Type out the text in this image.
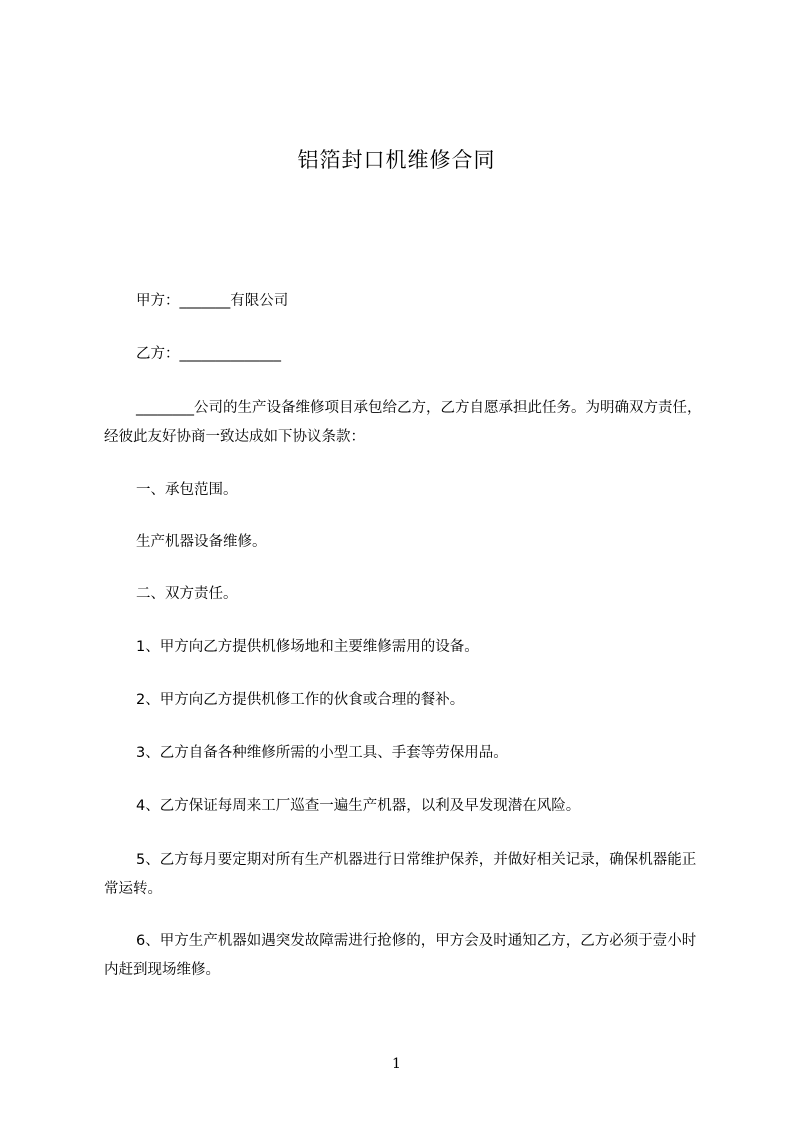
铝箔封口机维修合同
甲方：_______有限公司
乙方：______________
________公司的生产设备维修项目承包给乙方，乙方自愿承担此任务。为明确双方责任，经彼此友好协商一致达成如下协议条款：
一、承包范围。
生产机器设备维修。
二、双方责任。
1、甲方向乙方提供机修场地和主要维修需用的设备。
2、甲方向乙方提供机修工作的伙食或合理的餐补。
3、乙方自备各种维修所需的小型工具、手套等劳保用品。
4、乙方保证每周来工厂巡查一遍生产机器，以利及早发现潜在风险。
5、乙方每月要定期对所有生产机器进行日常维护保养，并做好相关记录，确保机器能正常运转。
6、甲方生产机器如遇突发故障需进行抢修的，甲方会及时通知乙方，乙方必须于壹小时内赶到现场维修。
1
